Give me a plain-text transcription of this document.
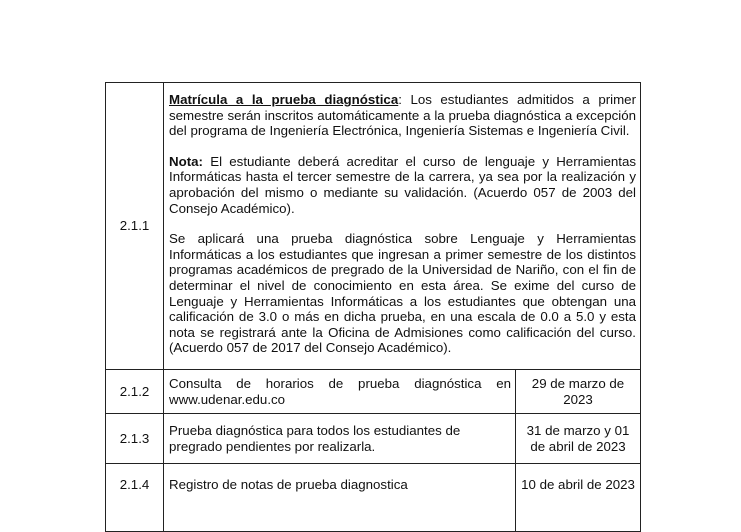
2.1.1	Matrícula a la prueba diagnóstica: Los estudiantes admitidos a primer semestre serán inscritos automáticamente a la prueba diagnóstica a excepción del programa de Ingeniería Electrónica, Ingeniería Sistemas e Ingeniería Civil.

Nota: El estudiante deberá acreditar el curso de lenguaje y Herramientas Informáticas hasta el tercer semestre de la carrera, ya sea por la realización y aprobación del mismo o mediante su validación. (Acuerdo 057 de 2003 del Consejo Académico).

Se aplicará una prueba diagnóstica sobre Lenguaje y Herramientas Informáticas a los estudiantes que ingresan a primer semestre de los distintos programas académicos de pregrado de la Universidad de Nariño, con el fin de determinar el nivel de conocimiento en esta área. Se exime del curso de Lenguaje y Herramientas Informáticas a los estudiantes que obtengan una calificación de 3.0 o más en dicha prueba, en una escala de 0.0 a 5.0 y esta nota se registrará ante la Oficina de Admisiones como calificación del curso. (Acuerdo 057 de 2017 del Consejo Académico).	

2.1.2	Consulta de horarios de prueba diagnóstica en www.udenar.edu.co	29 de marzo de 2023
2.1.3	Prueba diagnóstica para todos los estudiantes de pregrado pendientes por realizarla.	31 de marzo y 01 de abril de 2023
2.1.4	Registro de notas de prueba diagnostica	10 de abril de 2023
